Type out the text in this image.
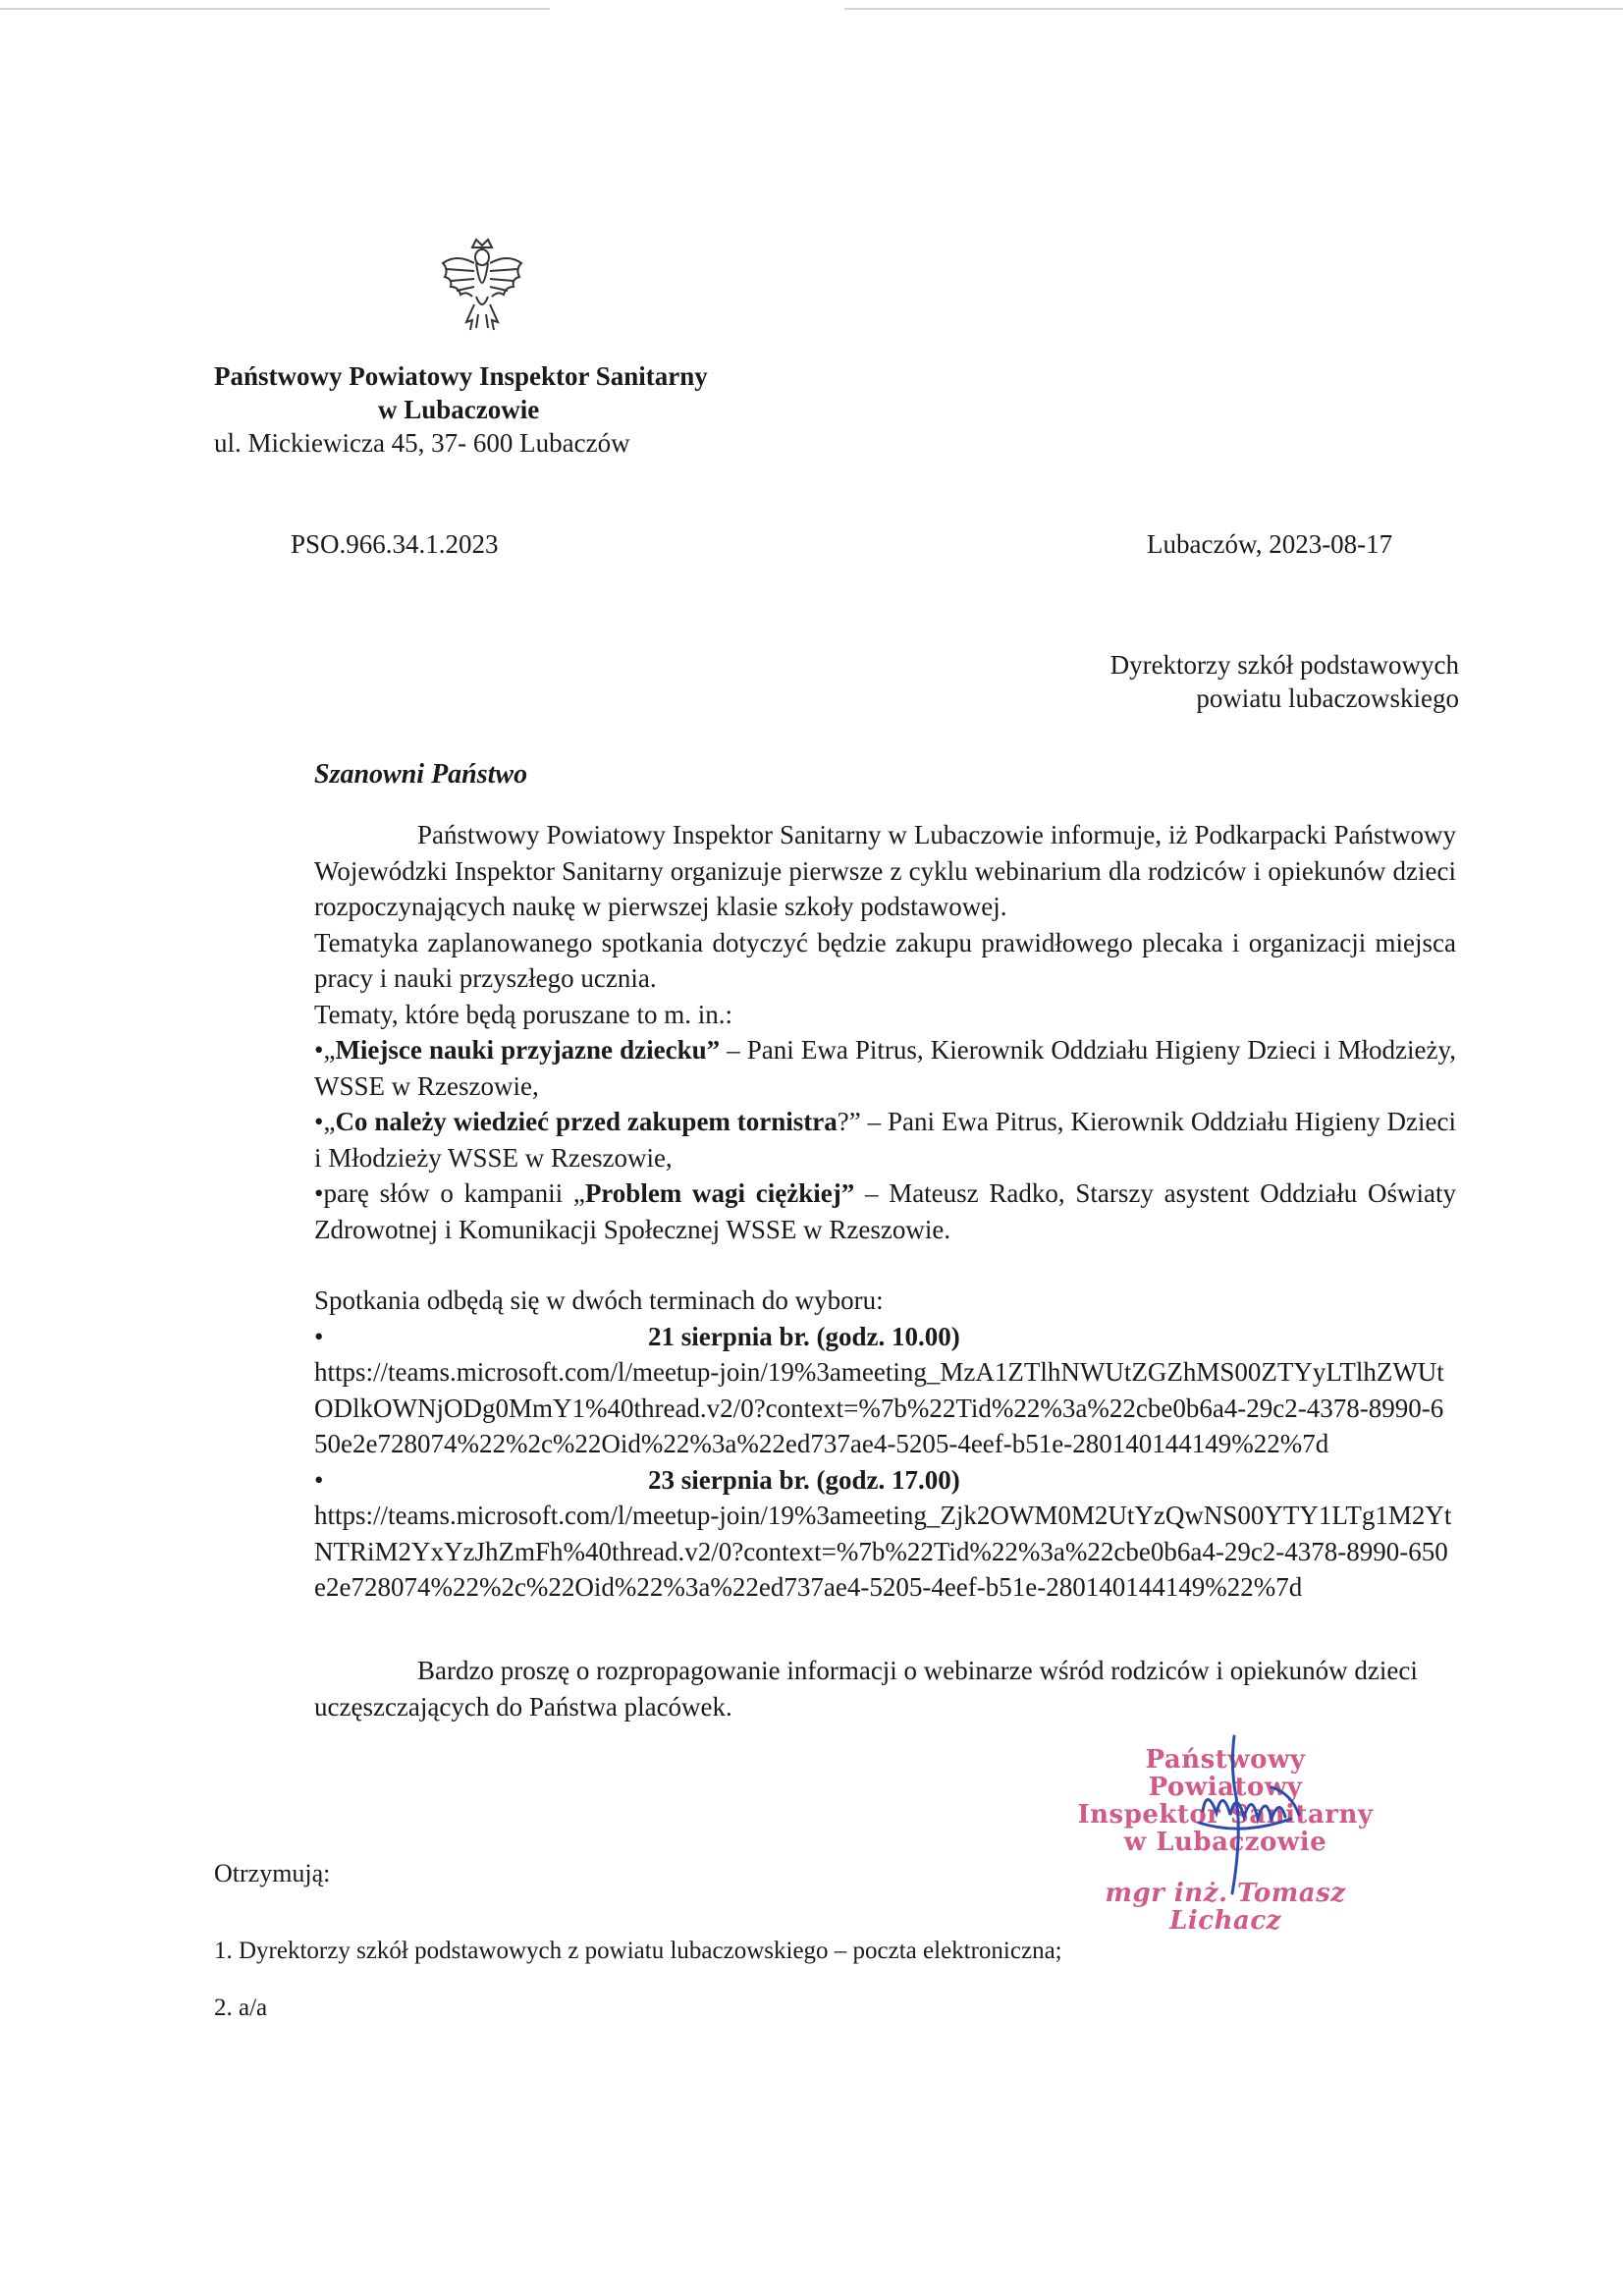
Państwowy Powiatowy Inspektor Sanitarny
w Lubaczowie
ul. Mickiewicza 45, 37- 600 Lubaczów
PSO.966.34.1.2023	Lubaczów, 2023-08-17
Dyrektorzy szkół podstawowych
powiatu lubaczowskiego
Szanowni Państwo

Państwowy Powiatowy Inspektor Sanitarny w Lubaczowie informuje, iż Podkarpacki Państwowy Wojewódzki Inspektor Sanitarny organizuje pierwsze z cyklu webinarium dla rodziców i opiekunów dzieci rozpoczynających naukę w pierwszej klasie szkoły podstawowej.

Tematyka zaplanowanego spotkania dotyczyć będzie zakupu prawidłowego plecaka i organizacji miejsca pracy i nauki przyszłego ucznia.

Tematy, które będą poruszane to m. in.:

•„Miejsce nauki przyjazne dziecku” – Pani Ewa Pitrus, Kierownik Oddziału Higieny Dzieci i Młodzieży, WSSE w Rzeszowie,

•„Co należy wiedzieć przed zakupem tornistra?” – Pani Ewa Pitrus, Kierownik Oddziału Higieny Dzieci i Młodzieży WSSE w Rzeszowie,

•parę słów o kampanii „Problem wagi ciężkiej” – Mateusz Radko, Starszy asystent Oddziału Oświaty Zdrowotnej i Komunikacji Społecznej WSSE w Rzeszowie.

Spotkania odbędą się w dwóch terminach do wyboru:

•	21 sierpnia br. (godz. 10.00)

https://teams.microsoft.com/l/meetup-join/19%3ameeting_MzA1ZTlhNWUtZGZhMS00ZTYyLTlhZWUtODlkOWNjODg0MmY1%40thread.v2/0?context=%7b%22Tid%22%3a%22cbe0b6a4-29c2-4378-8990-650e2e728074%22%2c%22Oid%22%3a%22ed737ae4-5205-4eef-b51e-280140144149%22%7d

•	23 sierpnia br. (godz. 17.00)

https://teams.microsoft.com/l/meetup-join/19%3ameeting_Zjk2OWM0M2UtYzQwNS00YTY1LTg1M2YtNTRiM2YxYzJhZmFh%40thread.v2/0?context=%7b%22Tid%22%3a%22cbe0b6a4-29c2-4378-8990-650e2e728074%22%2c%22Oid%22%3a%22ed737ae4-5205-4eef-b51e-280140144149%22%7d

Bardzo proszę o rozpropagowanie informacji o webinarze wśród rodziców i opiekunów dzieci uczęszczających do Państwa placówek.

Państwowy Powiatowy
Inspektor Sanitarny
w Lubaczowie
mgr inż. Tomasz Lichacz
Otrzymują:
1. Dyrektorzy szkół podstawowych z powiatu lubaczowskiego – poczta elektroniczna;
2. a/a
